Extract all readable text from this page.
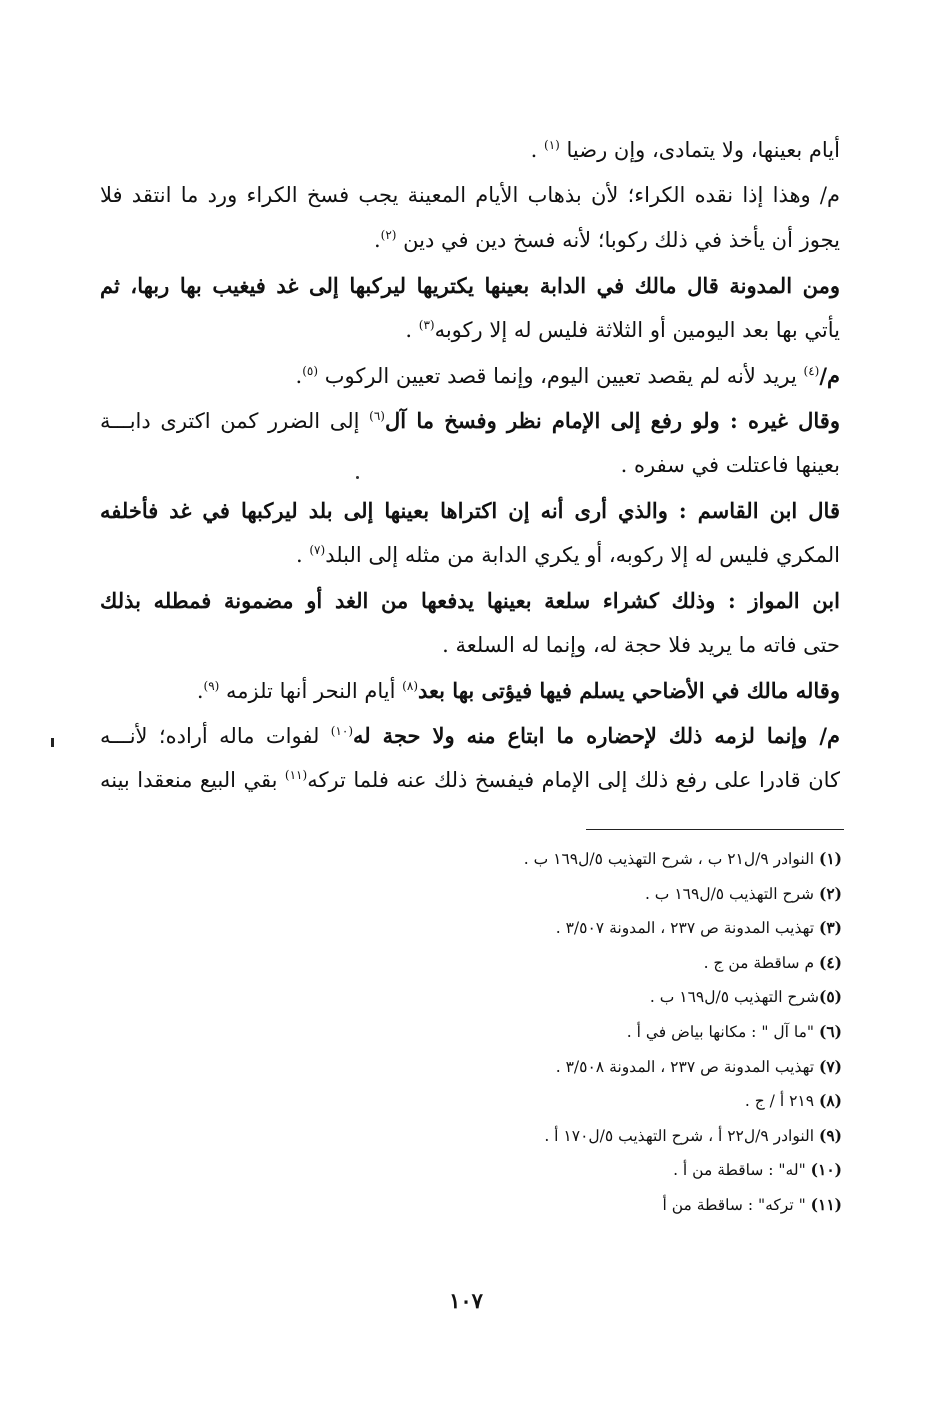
أيام بعينها، ولا يتمادى، وإن رضيا $^{(١)}$ .
م/ وهذا إذا نقده الكراء؛ لأن بذهاب الأيام المعينة يجب فسخ الكراء ورد ما انتقد فلا
يجوز أن يأخذ في ذلك ركوبا؛ لأنه فسخ دين في دين $^{(٢)}$.
ومن المدونة قال مالك في الدابة بعينها يكتريها ليركبها إلى غد فيغيب بها ربها، ثم
يأتي بها بعد اليومين أو الثلاثة فليس له إلا ركوبه$^{(٣)}$ .
م/$^{(٤)}$ يريد لأنه لم يقصد تعيين اليوم، وإنما قصد تعيين الركوب $^{(٥)}$.
وقال غيره : ولو رفع إلى الإمام نظر وفسخ ما آل$^{(٦)}$ إلى الضرر كمن اكترى دابـــة
بعينها فاعتلت في سفره .
قال ابن القاسم : والذي أرى أنه إن اكتراها بعينها إلى بلد ليركبها في غد فأخلفه
المكري فليس له إلا ركوبه، أو يكري الدابة من مثله إلى البلد$^{(٧)}$ .
ابن المواز : وذلك كشراء سلعة بعينها يدفعها من الغد أو مضمونة فمطله بذلك
حتى فاته ما يريد فلا حجة له، وإنما له السلعة .
وقاله مالك في الأضاحي يسلم فيها فيؤتى بها بعد$^{(٨)}$ أيام النحر أنها تلزمه $^{(٩)}$.
م/ وإنما لزمه ذلك لإحضاره ما ابتاع منه ولا حجة له$^{(١٠)}$ لفوات ماله أراده؛ لأنـــه
كان قادرا على رفع ذلك إلى الإمام فيفسخ ذلك عنه فلما تركه$^{(١١)}$ بقي البيع منعقدا بينه
(١) النوادر ٩/ل٢١ ب ، شرح التهذيب ٥/ل١٦٩ ب .
(٢) شرح التهذيب ٥/ل١٦٩ ب .
(٣) تهذيب المدونة ص ٢٣٧ ، المدونة ٣/٥٠٧ .
(٤) م ساقطة من ج .
(٥)شرح التهذيب ٥/ل١٦٩ ب .
(٦) "ما آل " : مكانها بياض في أ .
(٧) تهذيب المدونة ص ٢٣٧ ، المدونة ٣/٥٠٨ .
(٨) ٢١٩ أ / ج .
(٩) النوادر ٩/ل٢٢ أ ، شرح التهذيب ٥/ل١٧٠ أ .
(١٠) "له" : ساقطة من أ .
(١١) " تركه" : ساقطة من أ
١٠٧
